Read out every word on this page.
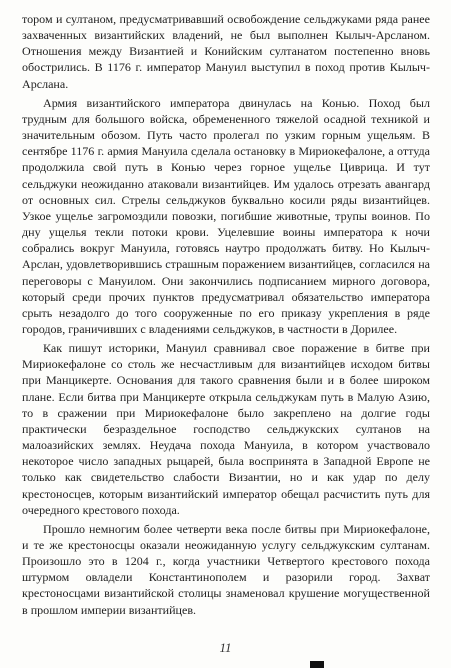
тором и султаном, предусматривавший освобождение сельджуками ряда ранее захваченных византийских владений, не был выполнен Кылыч-Арсланом. Отношения между Византией и Конийским султанатом постепенно вновь обострились. В 1176 г. император Мануил выступил в поход против Кылыч-Арслана.

Армия византийского императора двинулась на Конью. Поход был трудным для большого войска, обремененного тяжелой осадной техникой и значительным обозом. Путь часто пролегал по узким горным ущельям. В сентябре 1176 г. армия Мануила сделала остановку в Мириокефалоне, а оттуда продолжила свой путь в Конью через горное ущелье Циврица. И тут сельджуки неожиданно атаковали византийцев. Им удалось отрезать авангард от основных сил. Стрелы сельджуков буквально косили ряды византийцев. Узкое ущелье загромоздили повозки, погибшие животные, трупы воинов. По дну ущелья текли потоки крови. Уцелевшие воины императора к ночи собрались вокруг Мануила, готовясь наутро продолжать битву. Но Кылыч-Арслан, удовлетворившись страшным поражением византийцев, согласился на переговоры с Мануилом. Они закончились подписанием мирного договора, который среди прочих пунктов предусматривал обязательство императора срыть незадолго до того сооруженные по его приказу укрепления в ряде городов, граничивших с владениями сельджуков, в частности в Дорилее.

Как пишут историки, Мануил сравнивал свое поражение в битве при Мириокефалоне со столь же несчастливым для византийцев исходом битвы при Манцикерте. Основания для такого сравнения были и в более широком плане. Если битва при Манцикерте открыла сельджукам путь в Малую Азию, то в сражении при Мириокефалоне было закреплено на долгие годы практически безраздельное господство сельджукских султанов на малоазийских землях. Неудача похода Мануила, в котором участвовало некоторое число западных рыцарей, была воспринята в Западной Европе не только как свидетельство слабости Византии, но и как удар по делу крестоносцев, которым византийский император обещал расчистить путь для очередного крестового похода.

Прошло немногим более четверти века после битвы при Мириокефалоне, и те же крестоносцы оказали неожиданную услугу сельджукским султанам. Произошло это в 1204 г., когда участники Четвертого крестового похода штурмом овладели Константинополем и разорили город. Захват крестоносцами византийской столицы знаменовал крушение могущественной в прошлом империи византийцев.

11
